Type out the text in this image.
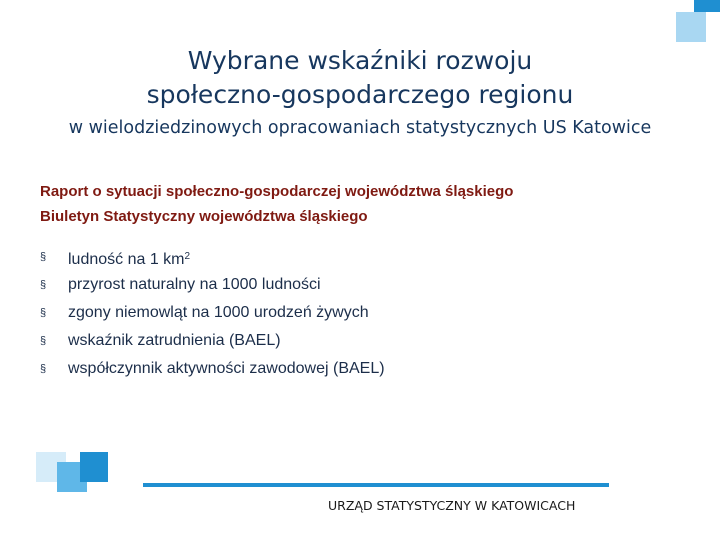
Wybrane wskaźniki rozwoju
społeczno-gospodarczego regionu
w wielodziedzinowych opracowaniach statystycznych US Katowice
Raport o sytuacji społeczno-gospodarczej województwa śląskiego
Biuletyn Statystyczny województwa śląskiego
§	ludność na 1 $km^2$
§	przyrost naturalny na 1000 ludności
§	zgony niemowląt na 1000 urodzeń żywych
§	wskaźnik zatrudnienia (BAEL)
§	współczynnik aktywności zawodowej (BAEL)
URZĄD STATYSTYCZNY W KATOWICACH
